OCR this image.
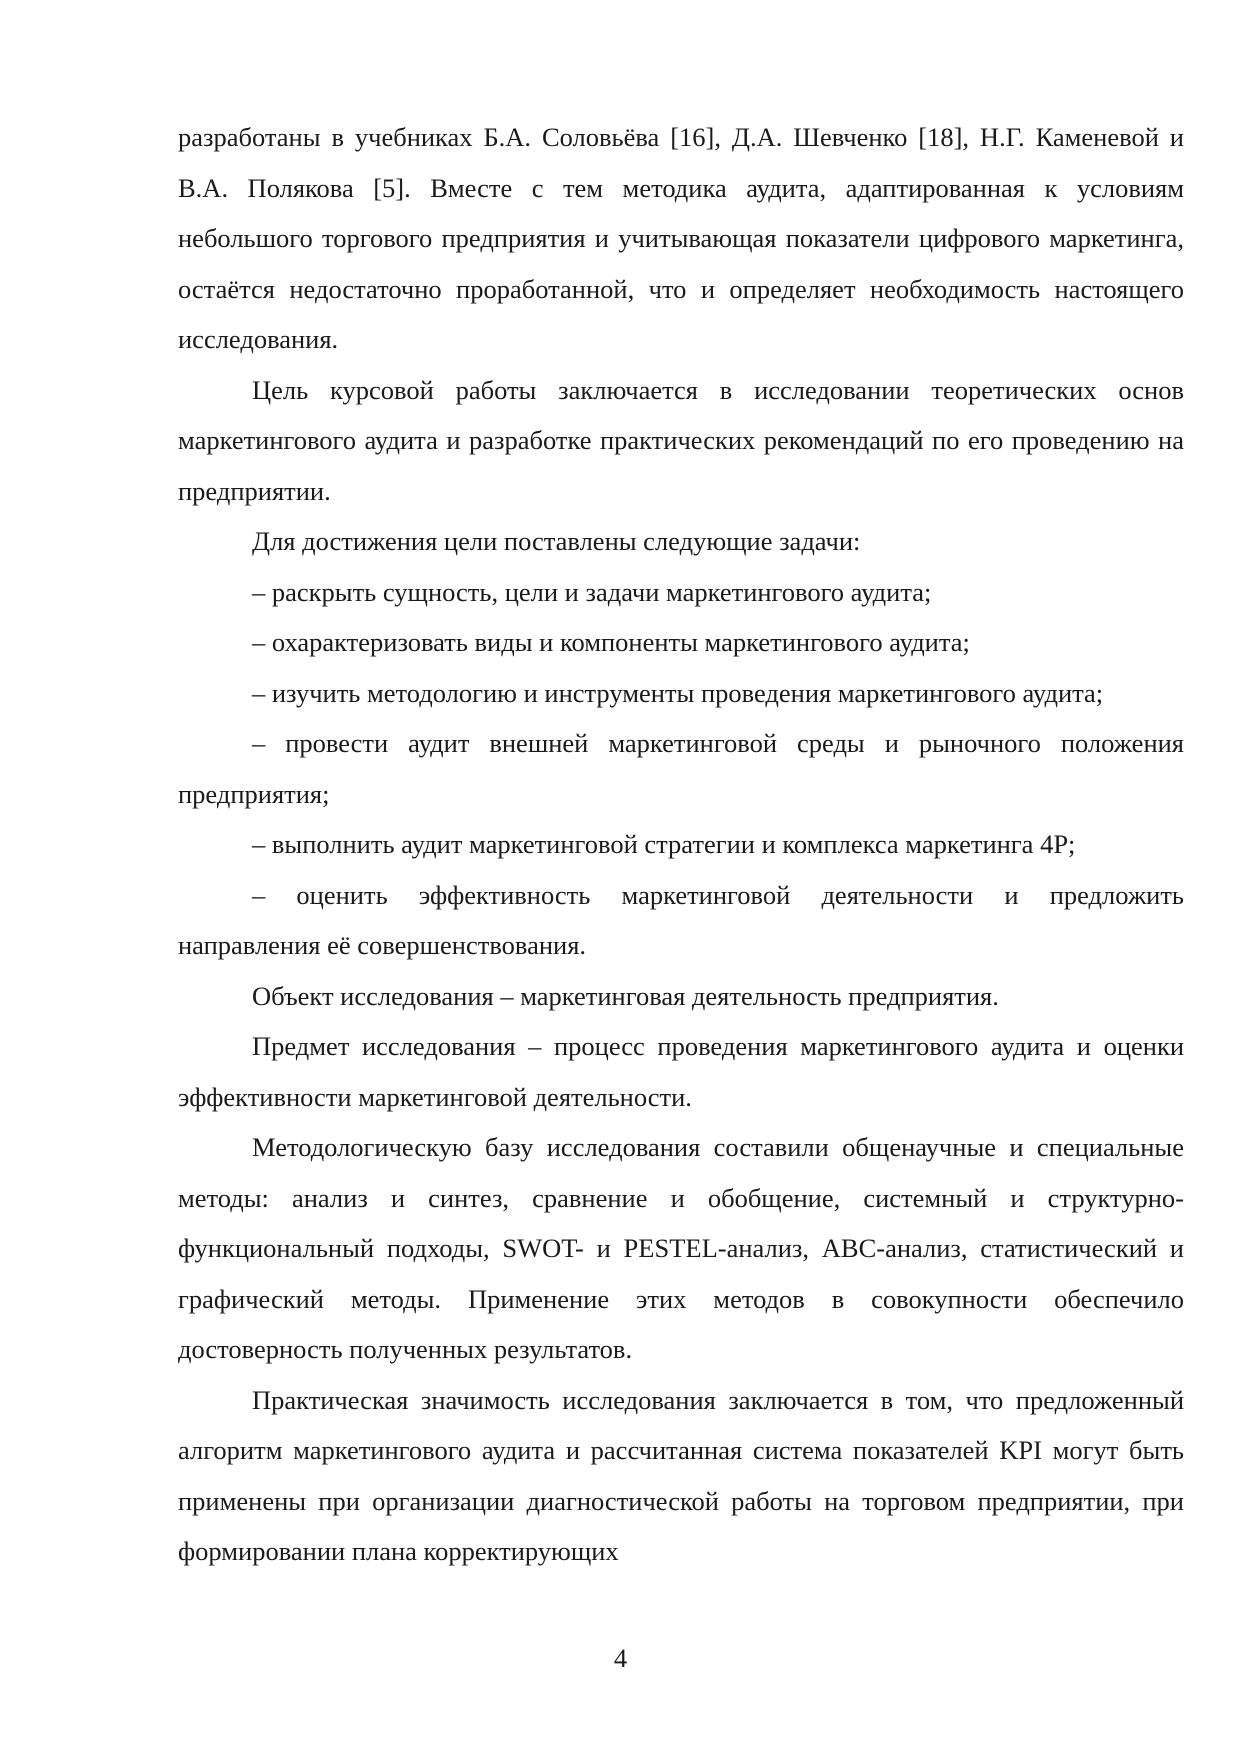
разработаны в учебниках Б.А. Соловьёва [16], Д.А. Шевченко [18], Н.Г. Каменевой и В.А. Полякова [5]. Вместе с тем методика аудита, адаптированная к условиям небольшого торгового предприятия и учитывающая показатели цифрового маркетинга, остаётся недостаточно проработанной, что и определяет необходимость настоящего исследования.

Цель курсовой работы заключается в исследовании теоретических основ маркетингового аудита и разработке практических рекомендаций по его проведению на предприятии.

Для достижения цели поставлены следующие задачи:

– раскрыть сущность, цели и задачи маркетингового аудита;

– охарактеризовать виды и компоненты маркетингового аудита;

– изучить методологию и инструменты проведения маркетингового аудита;

– провести аудит внешней маркетинговой среды и рыночного положения предприятия;

– выполнить аудит маркетинговой стратегии и комплекса маркетинга 4P;

– оценить эффективность маркетинговой деятельности и предложить направления её совершенствования.

Объект исследования – маркетинговая деятельность предприятия.

Предмет исследования – процесс проведения маркетингового аудита и оценки эффективности маркетинговой деятельности.

Методологическую базу исследования составили общенаучные и специальные методы: анализ и синтез, сравнение и обобщение, системный и структурно-функциональный подходы, SWOT- и PESTEL-анализ, ABC-анализ, статистический и графический методы. Применение этих методов в совокупности обеспечило достоверность полученных результатов.

Практическая значимость исследования заключается в том, что предложенный алгоритм маркетингового аудита и рассчитанная система показателей KPI могут быть применены при организации диагностической работы на торговом предприятии, при формировании плана корректирующих

4
